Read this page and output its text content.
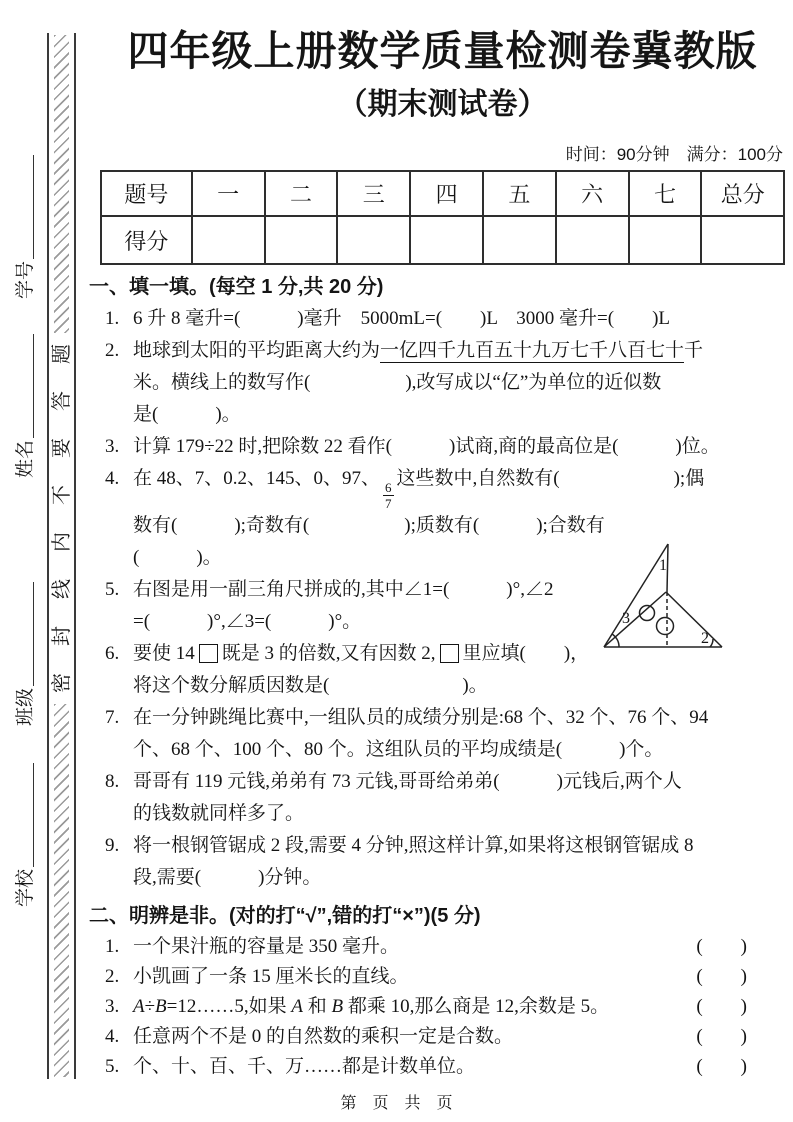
学号
姓名
班级
学校
题
答
要
不
内
线
封
密
四年级上册数学质量检测卷冀教版
（期末测试卷）
时间：90分钟　满分：100分
题号	一	二	三	四	五	六	七	总分
得分								
一、填一填。(每空 1 分,共 20 分)
1. 6 升 8 毫升=(　　　)毫升　5000mL=(　　)L　3000 毫升=(　　)L
2. 地球到太阳的平均距离大约为一亿四千九百五十九万七千八百七十千
米。横线上的数写作(　　　　　),改写成以“亿”为单位的近似数
是(　　　)。
3. 计算 179÷22 时,把除数 22 看作(　　　)试商,商的最高位是(　　　)位。
4. 在 48、7、0.2、145、0、97、
$\frac{6}{7}$
这些数中,自然数有(　　　　　　);偶
数有(　　　);奇数有(　　　　　);质数有(　　　);合数有
(　　　)。
5. 右图是用一副三角尺拼成的,其中∠1=(　　　)°,∠2
=(　　　)°,∠3=(　　　)°。
6. 要使 14 既是 3 的倍数,又有因数 2, 里应填(　　)，
将这个数分解质因数是(　　　　　　　)。
7. 在一分钟跳绳比赛中,一组队员的成绩分别是:68 个、32 个、76 个、94
个、68 个、100 个、80 个。这组队员的平均成绩是(　　　)个。
8. 哥哥有 119 元钱,弟弟有 73 元钱,哥哥给弟弟(　　　)元钱后,两个人
的钱数就同样多了。
9. 将一根钢管锯成 2 段,需要 4 分钟,照这样计算,如果将这根钢管锯成 8
段,需要(　　　)分钟。
二、明辨是非。(对的打“√”,错的打“×”)(5 分)
1. 一个果汁瓶的容量是 350 毫升。	(　　)
2. 小凯画了一条 15 厘米长的直线。	(　　)
3. A÷B=12……5,如果 A 和 B 都乘 10,那么商是 12,余数是 5。	(　　)
4. 任意两个不是 0 的自然数的乘积一定是合数。	(　　)
5. 个、十、百、千、万……都是计数单位。	(　　)
1
2
3
第　页　共　页
